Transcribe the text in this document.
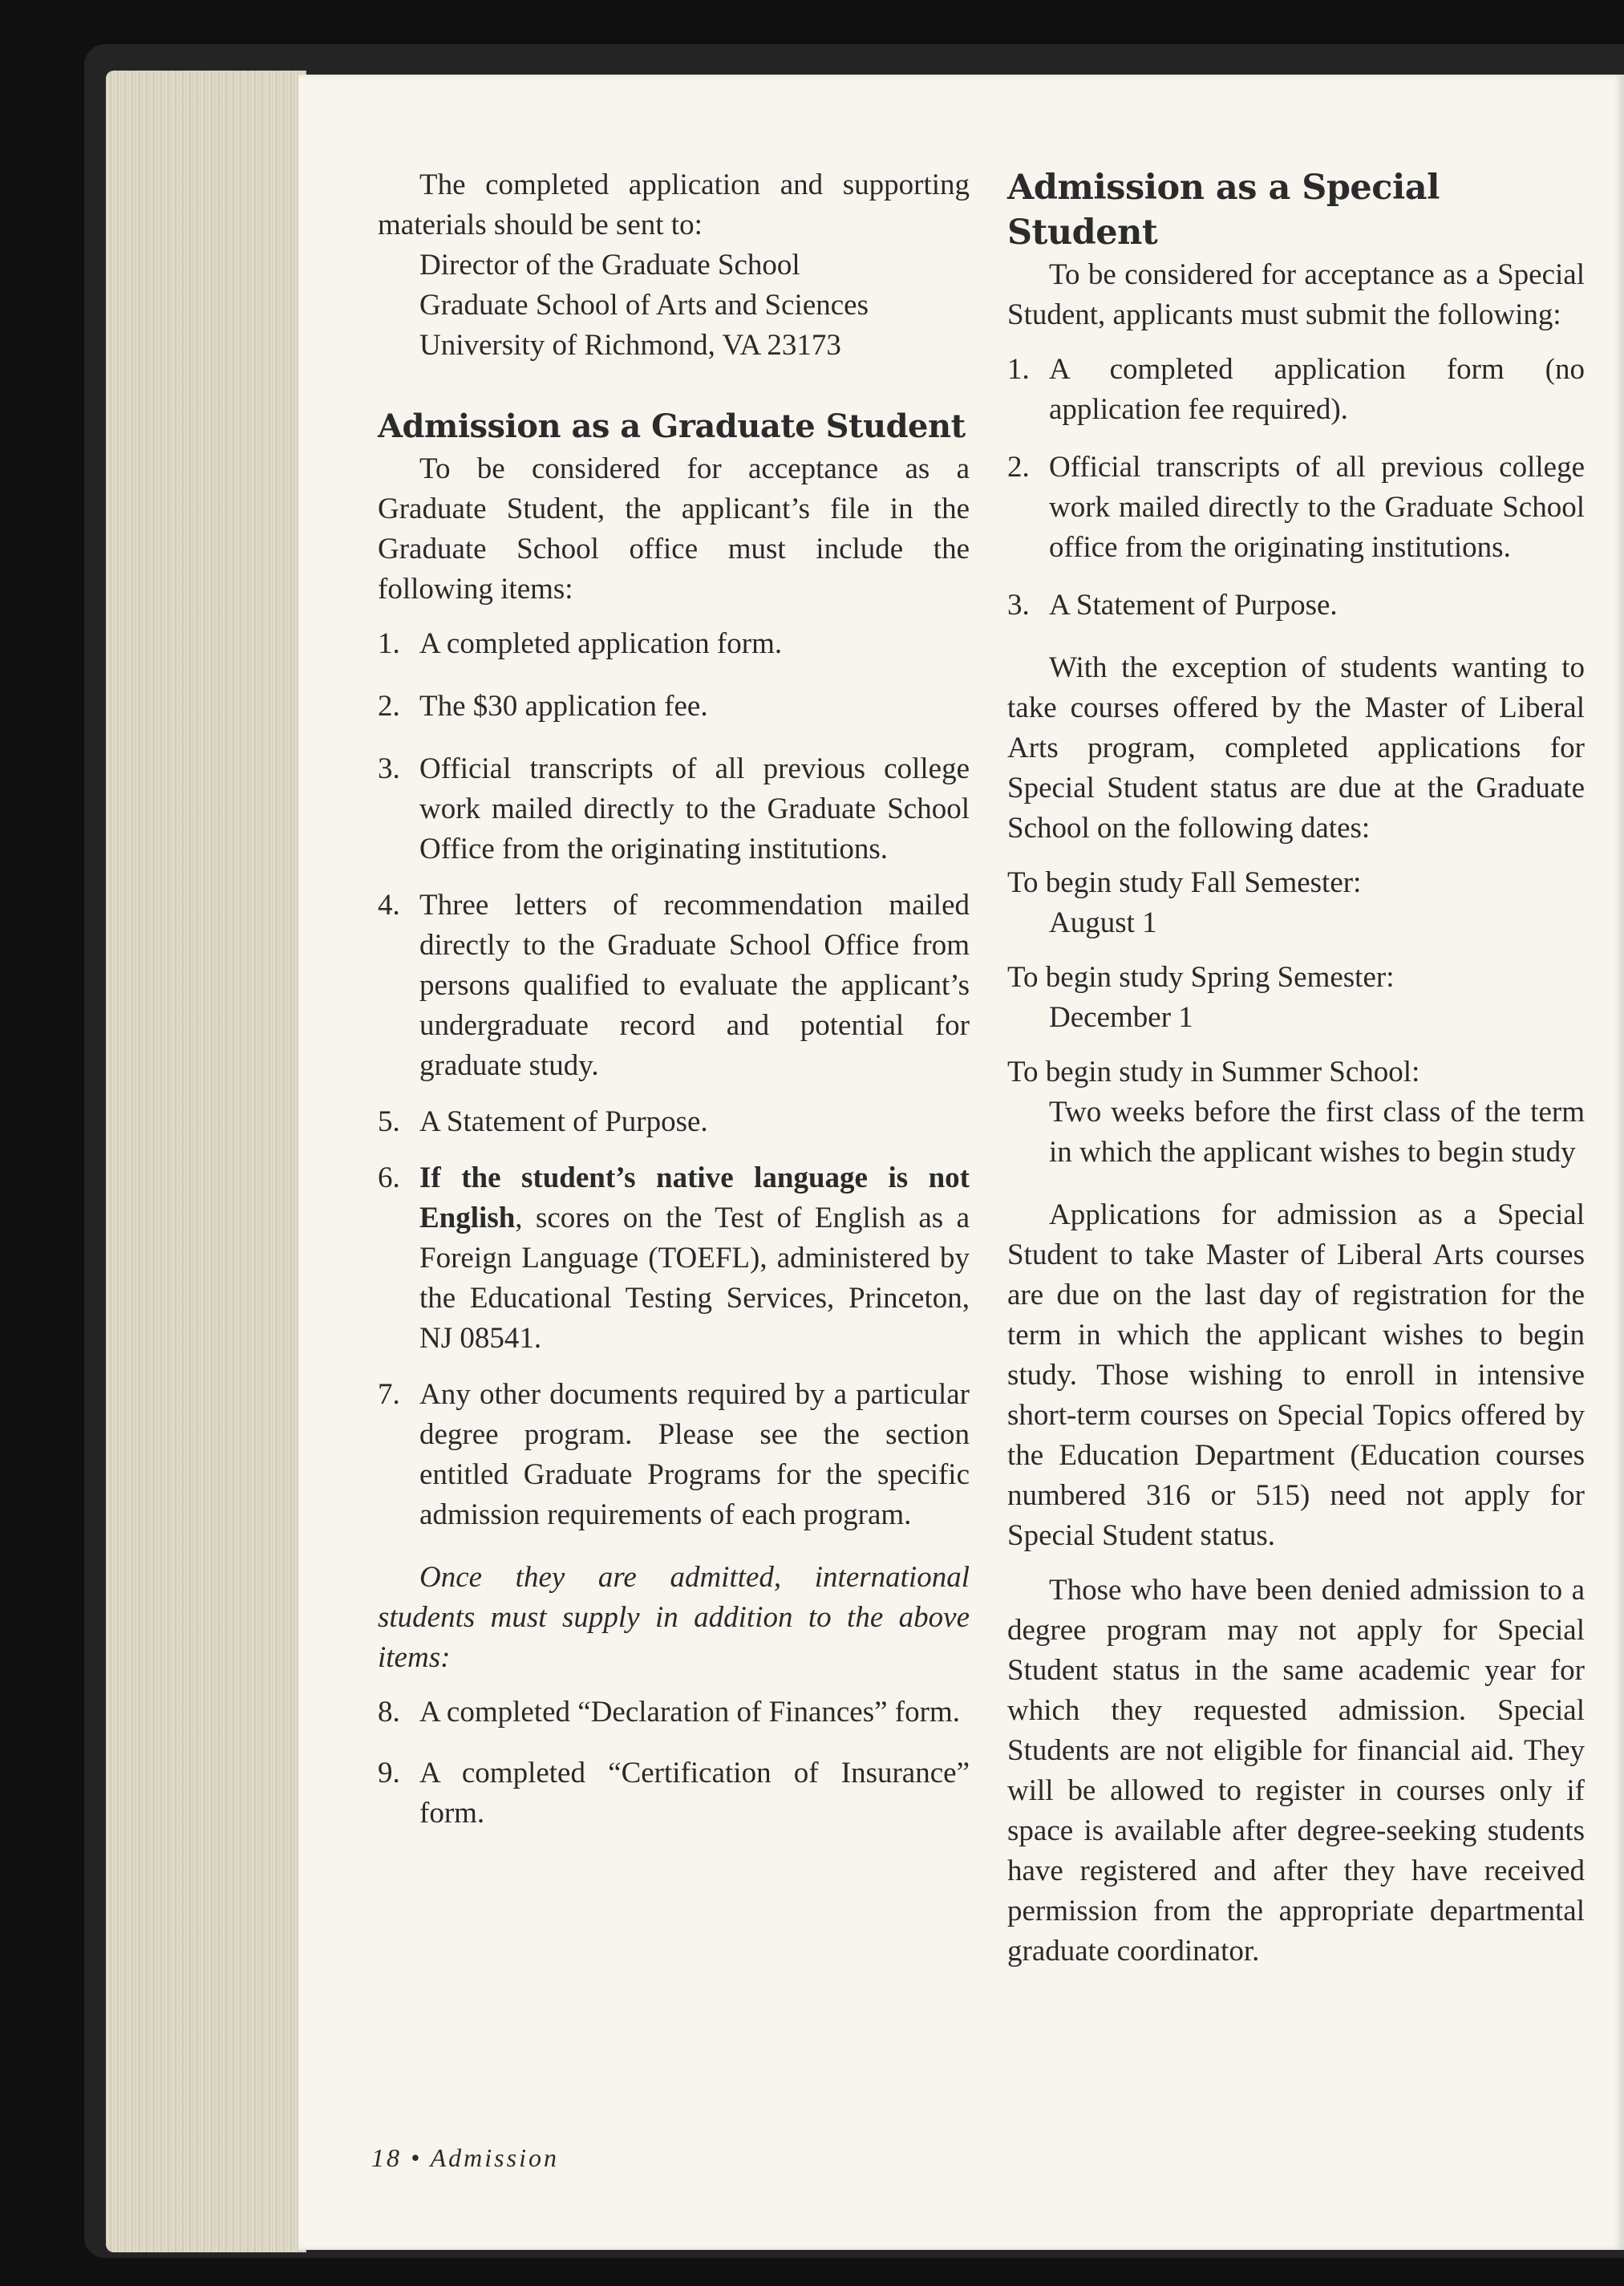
The completed application and supporting materials should be sent to:

Director of the Graduate School
Graduate School of Arts and Sciences
University of Richmond, VA 23173
Admission as a Graduate Student

To be considered for acceptance as a Graduate Student, the applicant’s file in the Graduate School office must include the following items:

1. A completed application form.
2. The $30 application fee.
3. Official transcripts of all previous college work mailed directly to the Graduate School Office from the originating institutions.
4. Three letters of recommendation mailed directly to the Graduate School Office from persons qualified to evaluate the applicant’s undergraduate record and potential for graduate study.
5. A Statement of Purpose.
6. If the student’s native language is not English, scores on the Test of English as a Foreign Language (TOEFL), administered by the Educational Testing Services, Princeton, NJ 08541.
7. Any other documents required by a particular degree program. Please see the section entitled Graduate Programs for the specific admission requirements of each program.

Once they are admitted, international students must supply in addition to the above items:

8. A completed “Declaration of Finances” form.
9. A completed “Certification of Insurance” form.
Admission as a Special Student

To be considered for acceptance as a Special Student, applicants must submit the following:

1. A completed application form (no application fee required).
2. Official transcripts of all previous college work mailed directly to the Graduate School office from the originating institutions.
3. A Statement of Purpose.

With the exception of students wanting to take courses offered by the Master of Liberal Arts program, completed applications for Special Student status are due at the Graduate School on the following dates:

To begin study Fall Semester:

August 1

To begin study Spring Semester:

December 1

To begin study in Summer School:

Two weeks before the first class of the term in which the applicant wishes to begin study

Applications for admission as a Special Student to take Master of Liberal Arts courses are due on the last day of registration for the term in which the applicant wishes to begin study. Those wishing to enroll in intensive short-term courses on Special Topics offered by the Education Department (Education courses numbered 316 or 515) need not apply for Special Student status.

Those who have been denied admission to a degree program may not apply for Special Student status in the same academic year for which they requested admission. Special Students are not eligible for financial aid. They will be allowed to register in courses only if space is available after degree-seeking students have registered and after they have received permission from the appropriate departmental graduate coordinator.

18 • Admission
